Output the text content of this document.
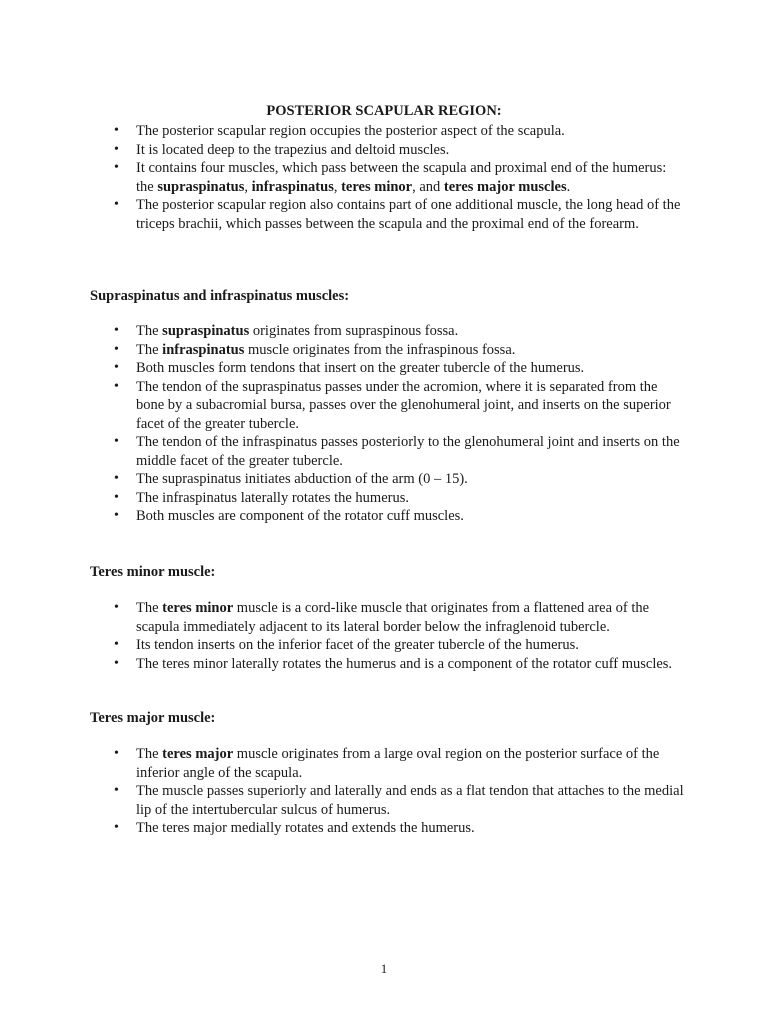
POSTERIOR SCAPULAR REGION:
• The posterior scapular region occupies the posterior aspect of the scapula.
• It is located deep to the trapezius and deltoid muscles.
• It contains four muscles, which pass between the scapula and proximal end of the humerus: the supraspinatus, infraspinatus, teres minor, and teres major muscles.
• The posterior scapular region also contains part of one additional muscle, the long head of the triceps brachii, which passes between the scapula and the proximal end of the forearm.
Supraspinatus and infraspinatus muscles:
• The supraspinatus originates from supraspinous fossa.
• The infraspinatus muscle originates from the infraspinous fossa.
• Both muscles form tendons that insert on the greater tubercle of the humerus.
• The tendon of the supraspinatus passes under the acromion, where it is separated from the bone by a subacromial bursa, passes over the glenohumeral joint, and inserts on the superior facet of the greater tubercle.
• The tendon of the infraspinatus passes posteriorly to the glenohumeral joint and inserts on the middle facet of the greater tubercle.
• The supraspinatus initiates abduction of the arm (0 – 15).
• The infraspinatus laterally rotates the humerus.
• Both muscles are component of the rotator cuff muscles.
Teres minor muscle:
• The teres minor muscle is a cord-like muscle that originates from a flattened area of the scapula immediately adjacent to its lateral border below the infraglenoid tubercle.
• Its tendon inserts on the inferior facet of the greater tubercle of the humerus.
• The teres minor laterally rotates the humerus and is a component of the rotator cuff muscles.
Teres major muscle:
• The teres major muscle originates from a large oval region on the posterior surface of the inferior angle of the scapula.
• The muscle passes superiorly and laterally and ends as a flat tendon that attaches to the medial lip of the intertubercular sulcus of humerus.
• The teres major medially rotates and extends the humerus.
1
